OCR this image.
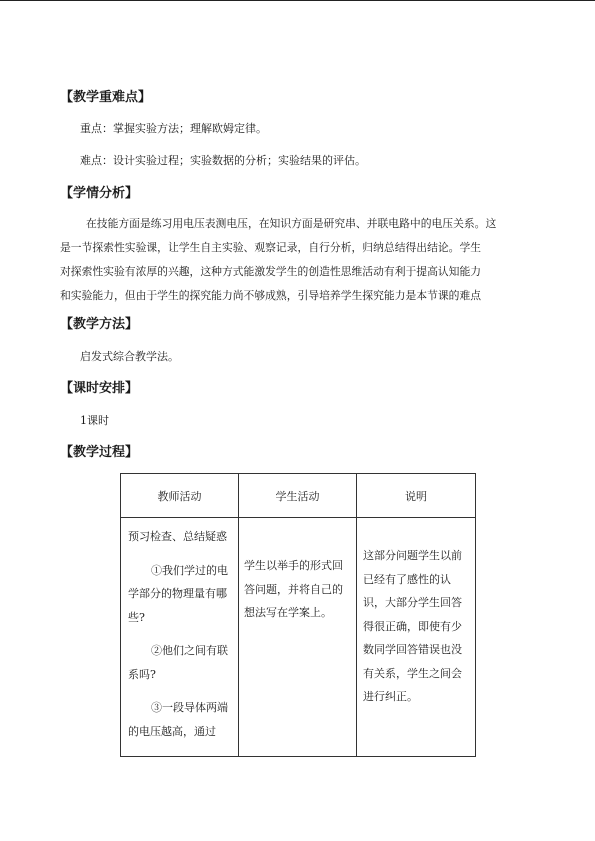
【教学重难点】
重点：掌握实验方法；理解欧姆定律。
难点：设计实验过程；实验数据的分析；实验结果的评估。
【学情分析】
在技能方面是练习用电压表测电压，在知识方面是研究串、并联电路中的电压关系。这
是一节探索性实验课，让学生自主实验、观察记录，自行分析，归纳总结得出结论。学生
对探索性实验有浓厚的兴趣，这种方式能激发学生的创造性思维活动有利于提高认知能力
和实验能力，但由于学生的探究能力尚不够成熟，引导培养学生探究能力是本节课的难点
【教学方法】
启发式综合教学法。
【课时安排】
1课时
【教学过程】
教师活动	学生活动	说明

预习检查、总结疑惑

①我们学过的电学部分的物理量有哪些?

②他们之间有联系吗?

③一段导体两端的电压越高，通过	学生以举手的形式回答问题，并将自己的想法写在学案上。	这部分问题学生以前已经有了感性的认识，大部分学生回答得很正确，即使有少数同学回答错误也没有关系，学生之间会进行纠正。
